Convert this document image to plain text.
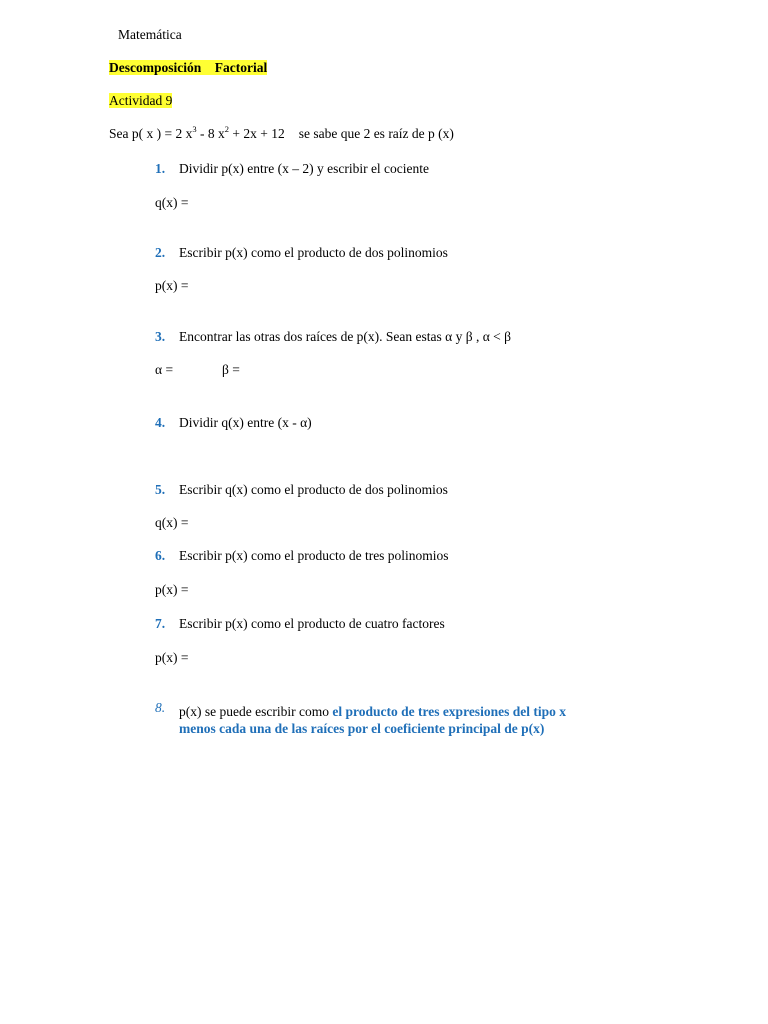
Matemática
Descomposición Factorial
Actividad 9
Sea p( x ) = 2 $x^3 - 8$ $x^2 + 2x + 12$ se sabe que 2 es raíz de p (x)
1. Dividir p(x) entre (x – 2) y escribir el cociente
q(x) =
2. Escribir p(x) como el producto de dos polinomios
p(x) =
3. Encontrar las otras dos raíces de p(x). Sean estas α y β , α < β
α =	β =
4. Dividir q(x) entre (x - α)
5. Escribir q(x) como el producto de dos polinomios
q(x) =
6. Escribir p(x) como el producto de tres polinomios
p(x) =
7. Escribir p(x) como el producto de cuatro factores
p(x) =
8.	p(x) se puede escribir como el producto de tres expresiones del tipo x
menos cada una de las raíces por el coeficiente principal de p(x)
